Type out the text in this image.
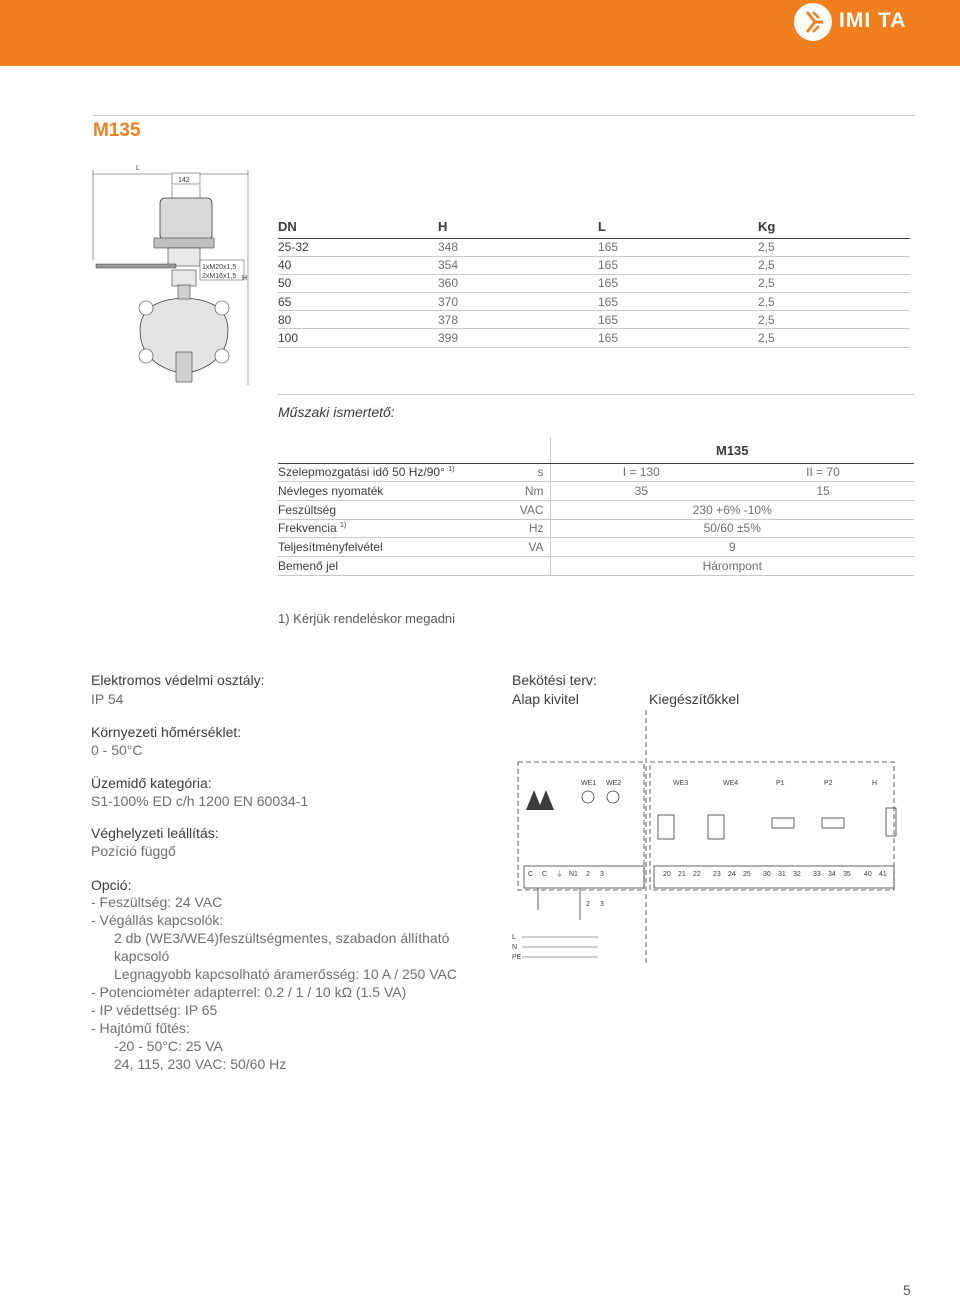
IMI TA
M135
L
142
1xM20x1,5
2xM16x1,5 H
DN	H	L	Kg
25-32	348	165	2,5
40	354	165	2,5
50	360	165	2,5
65	370	165	2,5
80	378	165	2,5
100	399	165	2,5
Műszaki ismertető:
		M135	
Szelepmozgatási idő 50 Hz/90° $^{1)}$	s	I = 130	II = 70
Névleges nyomaték	Nm	35	15
Feszültség	VAC	230 +6% -10%	
Frekvencia $^{1)}$	Hz	50/60 ±5%	
Teljesítményfelvétel	VA	9	
Bemenő jel		Hárompont	
1) Kérjük rendeléskor megadni
Elektromos védelmi osztály:
IP 54
Környezeti hőmérséklet:
0 - 50°C
Üzemidő kategória:
S1-100% ED c/h 1200 EN 60034-1
Véghelyzeti leállítás:
Pozíció függő
Opció:
- Feszültség: 24 VAC
- Végállás kapcsolók:
2 db (WE3/WE4)feszültségmentes, szabadon állítható
kapcsoló
Legnagyobb kapcsolható áramerősség: 10 A / 250 VAC
- Potenciométer adapterrel: 0.2 / 1 / 10 kΩ (1.5 VA)
- IP védettség: IP 65
- Hajtómű fűtés:
-20 - 50°C: 25 VA
24, 115, 230 VAC: 50/60 Hz
Bekötési terv:
Alap kivitel	Kiegészítőkkel
WE1 WE2	WE3	WE4	P1	P2	H
C C ⏚ N1 2 3	20 21 22 23 24 25 30 31 32 33 34 35 40 41
2 3
L
N
PE
5
